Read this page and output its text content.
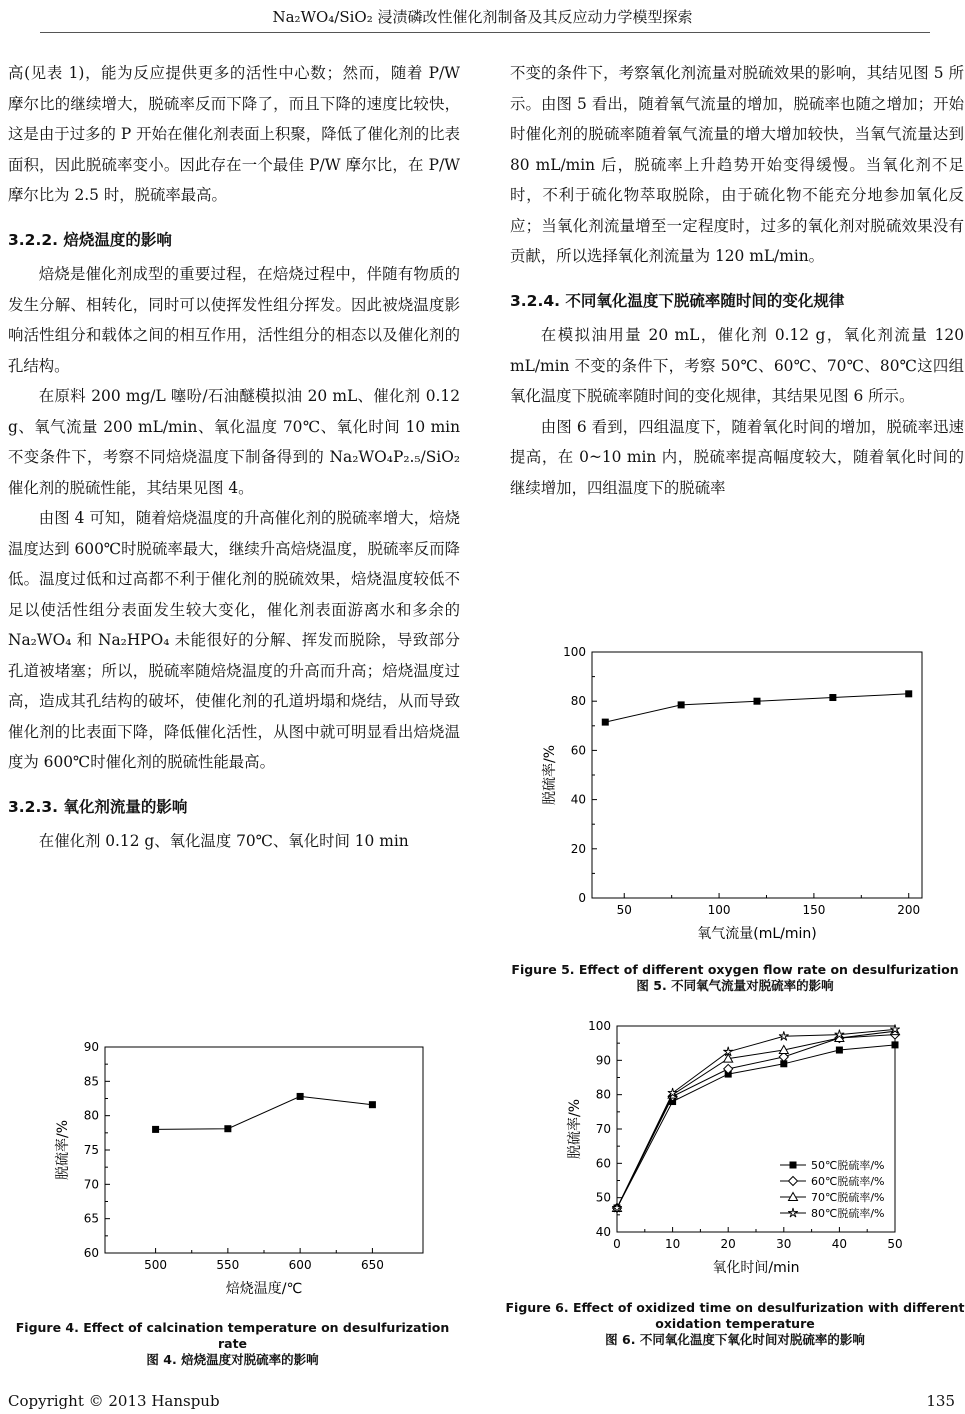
Na₂WO₄/SiO₂ 浸渍磷改性催化剂制备及其反应动力学模型探索

高(见表 1)，能为反应提供更多的活性中心数；然而，随着 P/W 摩尔比的继续增大，脱硫率反而下降了，而且下降的速度比较快，这是由于过多的 P 开始在催化剂表面上积聚，降低了催化剂的比表面积，因此脱硫率变小。因此存在一个最佳 P/W 摩尔比，在 P/W 摩尔比为 2.5 时，脱硫率最高。

3.2.2. 焙烧温度的影响

焙烧是催化剂成型的重要过程，在焙烧过程中，伴随有物质的发生分解、相转化，同时可以使挥发性组分挥发。因此被烧温度影响活性组分和载体之间的相互作用，活性组分的相态以及催化剂的孔结构。

在原料 200 mg/L 噻吩/石油醚模拟油 20 mL、催化剂 0.12 g、氧气流量 200 mL/min、氧化温度 70℃、氧化时间 10 min 不变条件下，考察不同焙烧温度下制备得到的 Na₂WO₄P₂.₅/SiO₂ 催化剂的脱硫性能，其结果见图 4。

由图 4 可知，随着焙烧温度的升高催化剂的脱硫率增大，焙烧温度达到 600℃时脱硫率最大，继续升高焙烧温度，脱硫率反而降低。温度过低和过高都不利于催化剂的脱硫效果，焙烧温度较低不足以使活性组分表面发生较大变化，催化剂表面游离水和多余的 Na₂WO₄ 和 Na₂HPO₄ 未能很好的分解、挥发而脱除，导致部分孔道被堵塞；所以，脱硫率随焙烧温度的升高而升高；焙烧温度过高，造成其孔结构的破坏，使催化剂的孔道坍塌和烧结，从而导致催化剂的比表面下降，降低催化活性，从图中就可明显看出焙烧温度为 600℃时催化剂的脱硫性能最高。

3.2.3. 氧化剂流量的影响

在催化剂 0.12 g、氧化温度 70℃、氧化时间 10 min

不变的条件下，考察氧化剂流量对脱硫效果的影响，其结见图 5 所示。由图 5 看出，随着氧气流量的增加，脱硫率也随之增加；开始时催化剂的脱硫率随着氧气流量的增大增加较快，当氧气流量达到 80 mL/min 后，脱硫率上升趋势开始变得缓慢。当氧化剂不足时，不利于硫化物萃取脱除，由于硫化物不能充分地参加氧化反应；当氧化剂流量增至一定程度时，过多的氧化剂对脱硫效果没有贡献，所以选择氧化剂流量为 120 mL/min。

3.2.4. 不同氧化温度下脱硫率随时间的变化规律

在模拟油用量 20 mL，催化剂 0.12 g，氧化剂流量 120 mL/min 不变的条件下，考察 50℃、60℃、70℃、80℃这四组氧化温度下脱硫率随时间的变化规律，其结果见图 6 所示。

由图 6 看到，四组温度下，随着氧化时间的增加，脱硫率迅速提高，在 0~10 min 内，脱硫率提高幅度较大，随着氧化时间的继续增加，四组温度下的脱硫率

60
65
70
75
80
85
90
500	550	600	650
焙烧温度/℃
脱硫率/%
Figure 4. Effect of calcination temperature on desulfurization rate
图 4. 焙烧温度对脱硫率的影响
0
20
40
60
80
100
50	100	150	200
氧气流量(mL/min)
脱硫率/%
Figure 5. Effect of different oxygen flow rate on desulfurization
图 5. 不同氧气流量对脱硫率的影响
40
50
60
70
80
90
100
0	10	20	30	40	50
氧化时间/min
脱硫率/%
50℃脱硫率/%
60℃脱硫率/%
70℃脱硫率/%
80℃脱硫率/%
Figure 6. Effect of oxidized time on desulfurization with different oxidation temperature
图 6. 不同氧化温度下氧化时间对脱硫率的影响
Copyright © 2013 Hanspub	135
